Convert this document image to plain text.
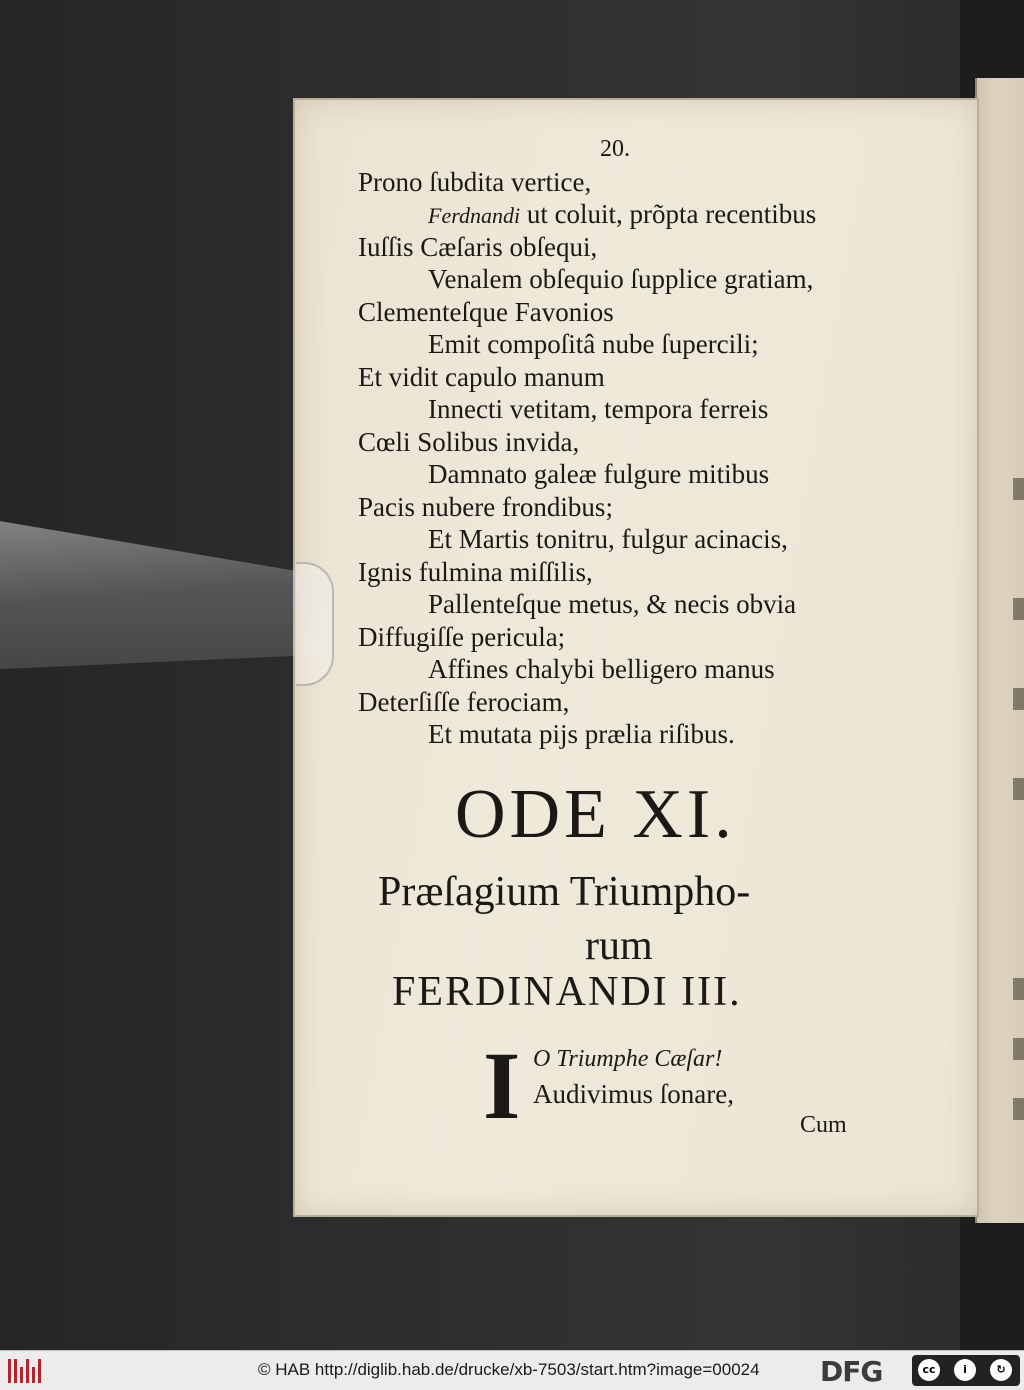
20.
Prono ſubdita vertice,
Ferdnandi ut coluit, prõpta recentibus
Iuſſis Cæſaris obſequi,
Venalem obſequio ſupplice gratiam,
Clementeſque Favonios
Emit compoſitâ nube ſupercili;
Et vidit capulo manum
Innecti vetitam, tempora ferreis
Cœli Solibus invida,
Damnato galeæ fulgure mitibus
Pacis nubere frondibus;
Et Martis tonitru, fulgur acinacis,
Ignis fulmina miſſilis,
Pallenteſque metus, & necis obvia
Diffugiſſe pericula;
Affines chalybi belligero manus
Deterſiſſe ferociam,
Et mutata pijs prælia riſibus.
ODE XI.
Præſagium Triumpho-
rum
FERDINANDI III.
I O Triumphe Cæſar!
Audivimus ſonare,
Cum
© HAB http://diglib.hab.de/drucke/xb-7503/start.htm?image=00024 DFG	cc	i	↻
